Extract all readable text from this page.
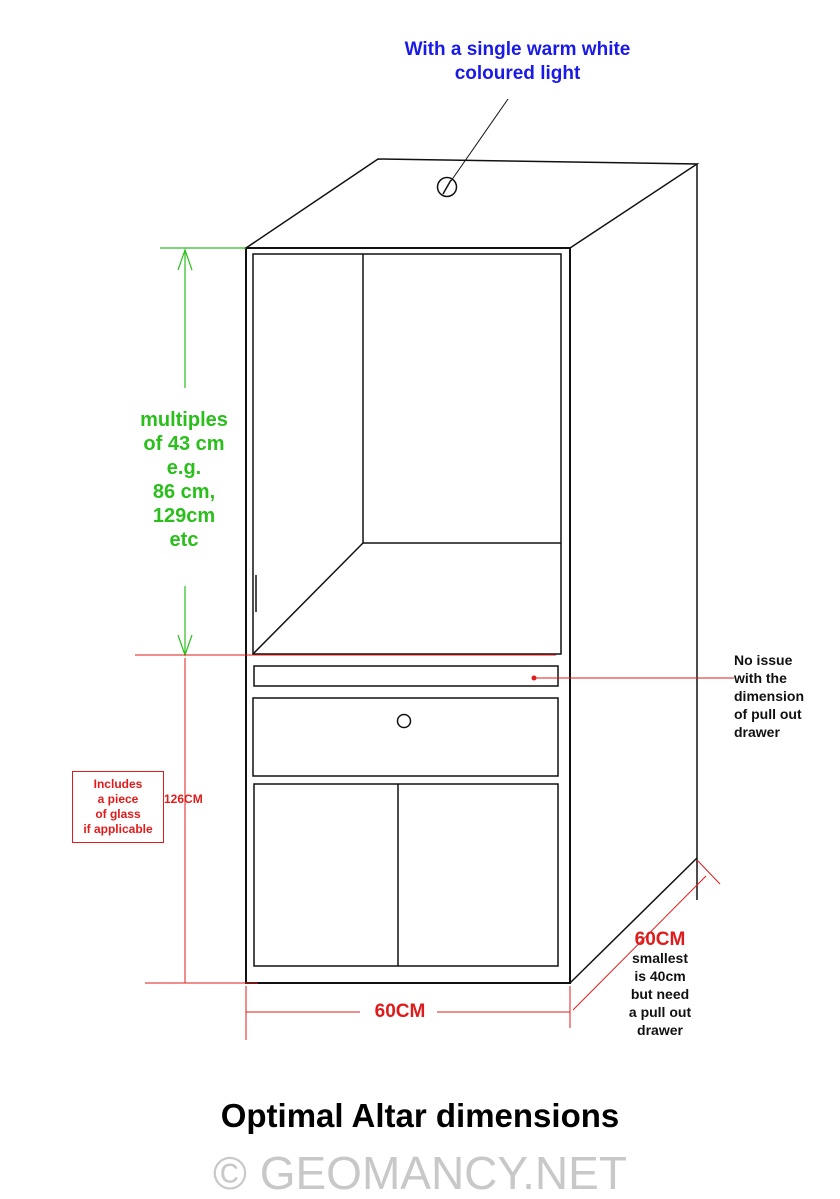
With a single warm white
coloured light
multiples
of 43 cm
e.g.
86 cm,
129cm
etc
126CM
Includes
a piece
of glass
if applicable
No issue
with the
dimension
of pull out
drawer
60CM
60CM
smallest
is 40cm
but need
a pull out
drawer
Optimal Altar dimensions
© GEOMANCY.NET
